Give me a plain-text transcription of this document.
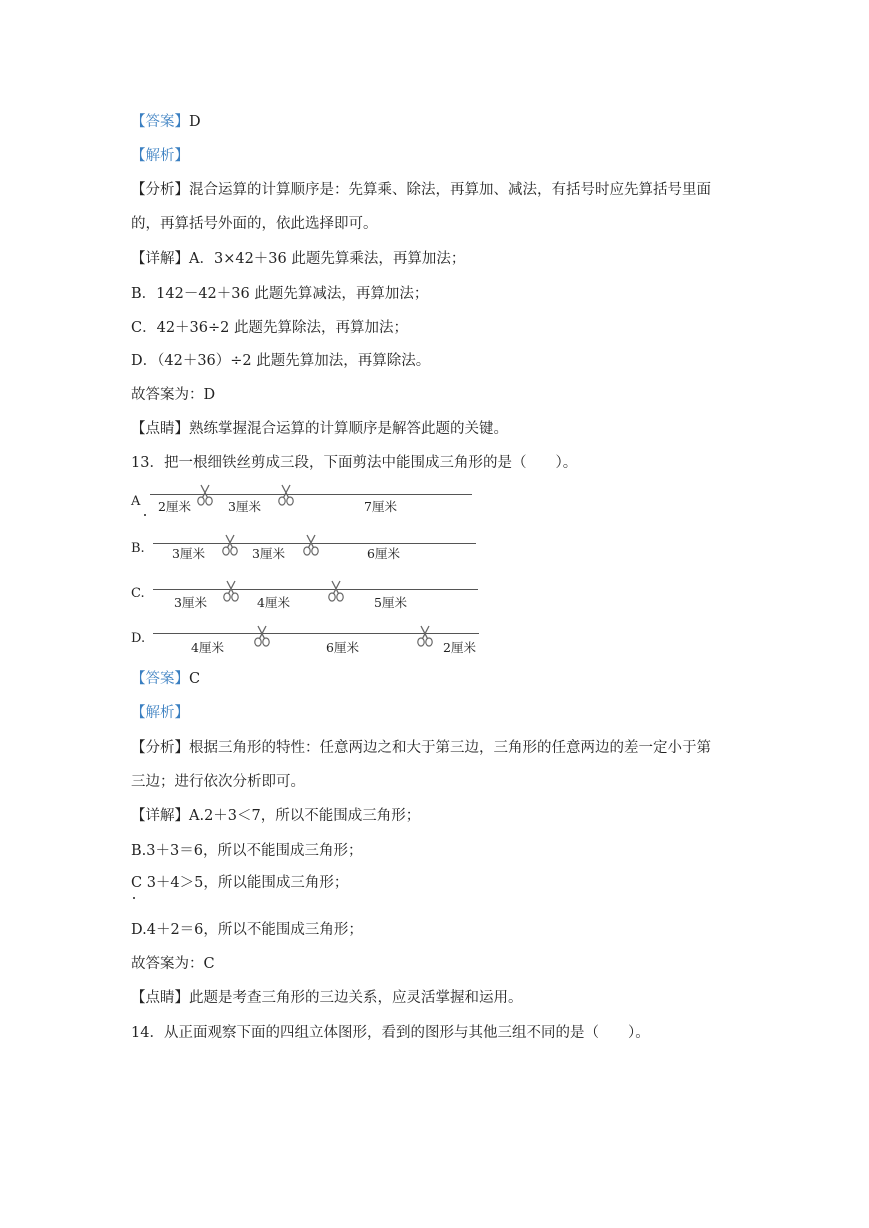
【答案】D
【解析】
【分析】混合运算的计算顺序是：先算乘、除法，再算加、减法，有括号时应先算括号里面
的，再算括号外面的，依此选择即可。
【详解】A．3×42＋36 此题先算乘法，再算加法；
B．142－42＋36 此题先算减法，再算加法；
C．42＋36÷2 此题先算除法，再算加法；
D．（42＋36）÷2 此题先算加法，再算除法。
故答案为：D
【点睛】熟练掌握混合运算的计算顺序是解答此题的关键。
13．把一根细铁丝剪成三段，下面剪法中能围成三角形的是（　　）。
A 2厘米	3厘米	7厘米
B. 3厘米	3厘米	6厘米
C.
3厘米	4厘米	5厘米
D.
4厘米	6厘米	2厘米
【答案】C
【解析】
【分析】根据三角形的特性：任意两边之和大于第三边，三角形的任意两边的差一定小于第
三边；进行依次分析即可。
【详解】A.2＋3＜7，所以不能围成三角形；
B.3＋3＝6，所以不能围成三角形；
C 3＋4＞5，所以能围成三角形；
D.4＋2＝6，所以不能围成三角形；
故答案为：C
【点睛】此题是考查三角形的三边关系，应灵活掌握和运用。
14．从正面观察下面的四组立体图形，看到的图形与其他三组不同的是（　　）。
